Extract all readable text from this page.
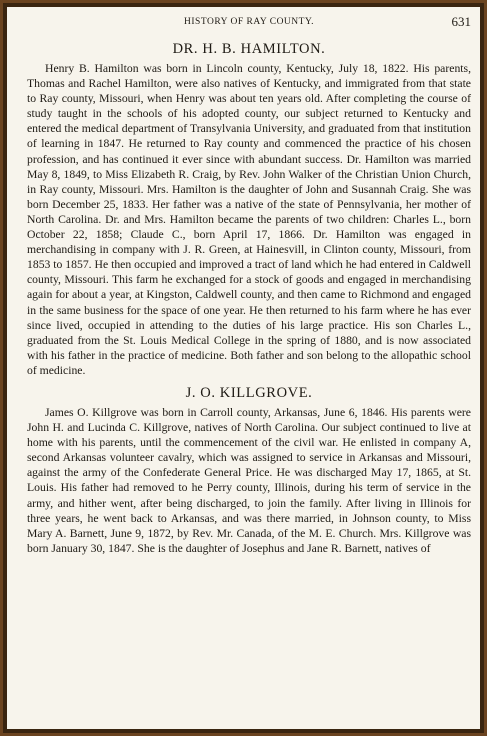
HISTORY OF RAY COUNTY.	631
DR. H. B. HAMILTON.

Henry B. Hamilton was born in Lincoln county, Kentucky, July 18, 1822. His parents, Thomas and Rachel Hamilton, were also natives of Kentucky, and immigrated from that state to Ray county, Missouri, when Henry was about ten years old. After completing the course of study taught in the schools of his adopted county, our subject returned to Kentucky and entered the medical department of Transylvania University, and graduated from that institution of learning in 1847. He returned to Ray county and commenced the practice of his chosen profession, and has continued it ever since with abundant success. Dr. Hamilton was married May 8, 1849, to Miss Elizabeth R. Craig, by Rev. John Walker of the Christian Union Church, in Ray county, Missouri. Mrs. Hamilton is the daughter of John and Susannah Craig. She was born December 25, 1833. Her father was a native of the state of Pennsylvania, her mother of North Carolina. Dr. and Mrs. Hamilton became the parents of two children: Charles L., born October 22, 1858; Claude C., born April 17, 1866. Dr. Hamilton was engaged in merchandising in company with J. R. Green, at Hainesvill, in Clinton county, Missouri, from 1853 to 1857. He then occupied and improved a tract of land which he had entered in Caldwell county, Missouri. This farm he exchanged for a stock of goods and engaged in merchandising again for about a year, at Kingston, Caldwell county, and then came to Richmond and engaged in the same business for the space of one year. He then returned to his farm where he has ever since lived, occupied in attending to the duties of his large practice. His son Charles L., graduated from the St. Louis Medical College in the spring of 1880, and is now associated with his father in the practice of medicine. Both father and son belong to the allopathic school of medicine.

J. O. KILLGROVE.

James O. Killgrove was born in Carroll county, Arkansas, June 6, 1846. His parents were John H. and Lucinda C. Killgrove, natives of North Carolina. Our subject continued to live at home with his parents, until the commencement of the civil war. He enlisted in company A, second Arkansas volunteer cavalry, which was assigned to service in Arkansas and Missouri, against the army of the Confederate General Price. He was discharged May 17, 1865, at St. Louis. His father had removed to he Perry county, Illinois, during his term of service in the army, and hither went, after being discharged, to join the family. After living in Illinois for three years, he went back to Arkansas, and was there married, in Johnson county, to Miss Mary A. Barnett, June 9, 1872, by Rev. Mr. Canada, of the M. E. Church. Mrs. Killgrove was born January 30, 1847. She is the daughter of Josephus and Jane R. Barnett, natives of
